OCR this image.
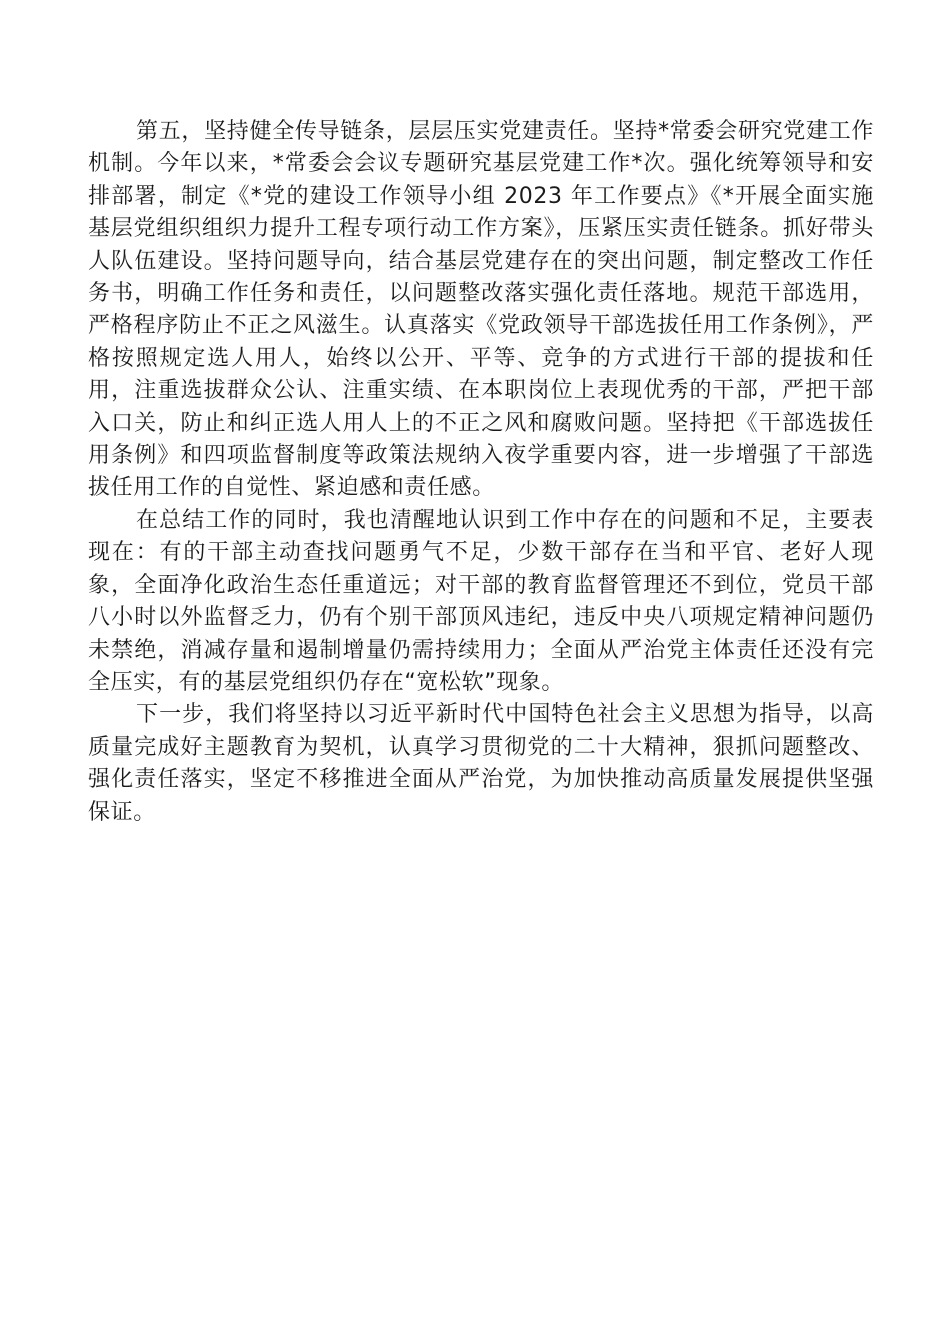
第五，坚持健全传导链条，层层压实党建责任。坚持*常委会研究党建工作机制。今年以来，*常委会会议专题研究基层党建工作*次。强化统筹领导和安排部署，制定《*党的建设工作领导小组 2023 年工作要点》《*开展全面实施基层党组织组织力提升工程专项行动工作方案》，压紧压实责任链条。抓好带头人队伍建设。坚持问题导向，结合基层党建存在的突出问题，制定整改工作任务书，明确工作任务和责任，以问题整改落实强化责任落地。规范干部选用，严格程序防止不正之风滋生。认真落实《党政领导干部选拔任用工作条例》，严格按照规定选人用人，始终以公开、平等、竞争的方式进行干部的提拔和任用，注重选拔群众公认、注重实绩、在本职岗位上表现优秀的干部，严把干部入口关，防止和纠正选人用人上的不正之风和腐败问题。坚持把《干部选拔任用条例》和四项监督制度等政策法规纳入夜学重要内容，进一步增强了干部选拔任用工作的自觉性、紧迫感和责任感。

在总结工作的同时，我也清醒地认识到工作中存在的问题和不足，主要表现在：有的干部主动查找问题勇气不足，少数干部存在当和平官、老好人现象，全面净化政治生态任重道远；对干部的教育监督管理还不到位，党员干部八小时以外监督乏力，仍有个别干部顶风违纪，违反中央八项规定精神问题仍未禁绝，消减存量和遏制增量仍需持续用力；全面从严治党主体责任还没有完全压实，有的基层党组织仍存在“宽松软”现象。

下一步，我们将坚持以习近平新时代中国特色社会主义思想为指导，以高质量完成好主题教育为契机，认真学习贯彻党的二十大精神，狠抓问题整改、强化责任落实，坚定不移推进全面从严治党，为加快推动高质量发展提供坚强保证。
